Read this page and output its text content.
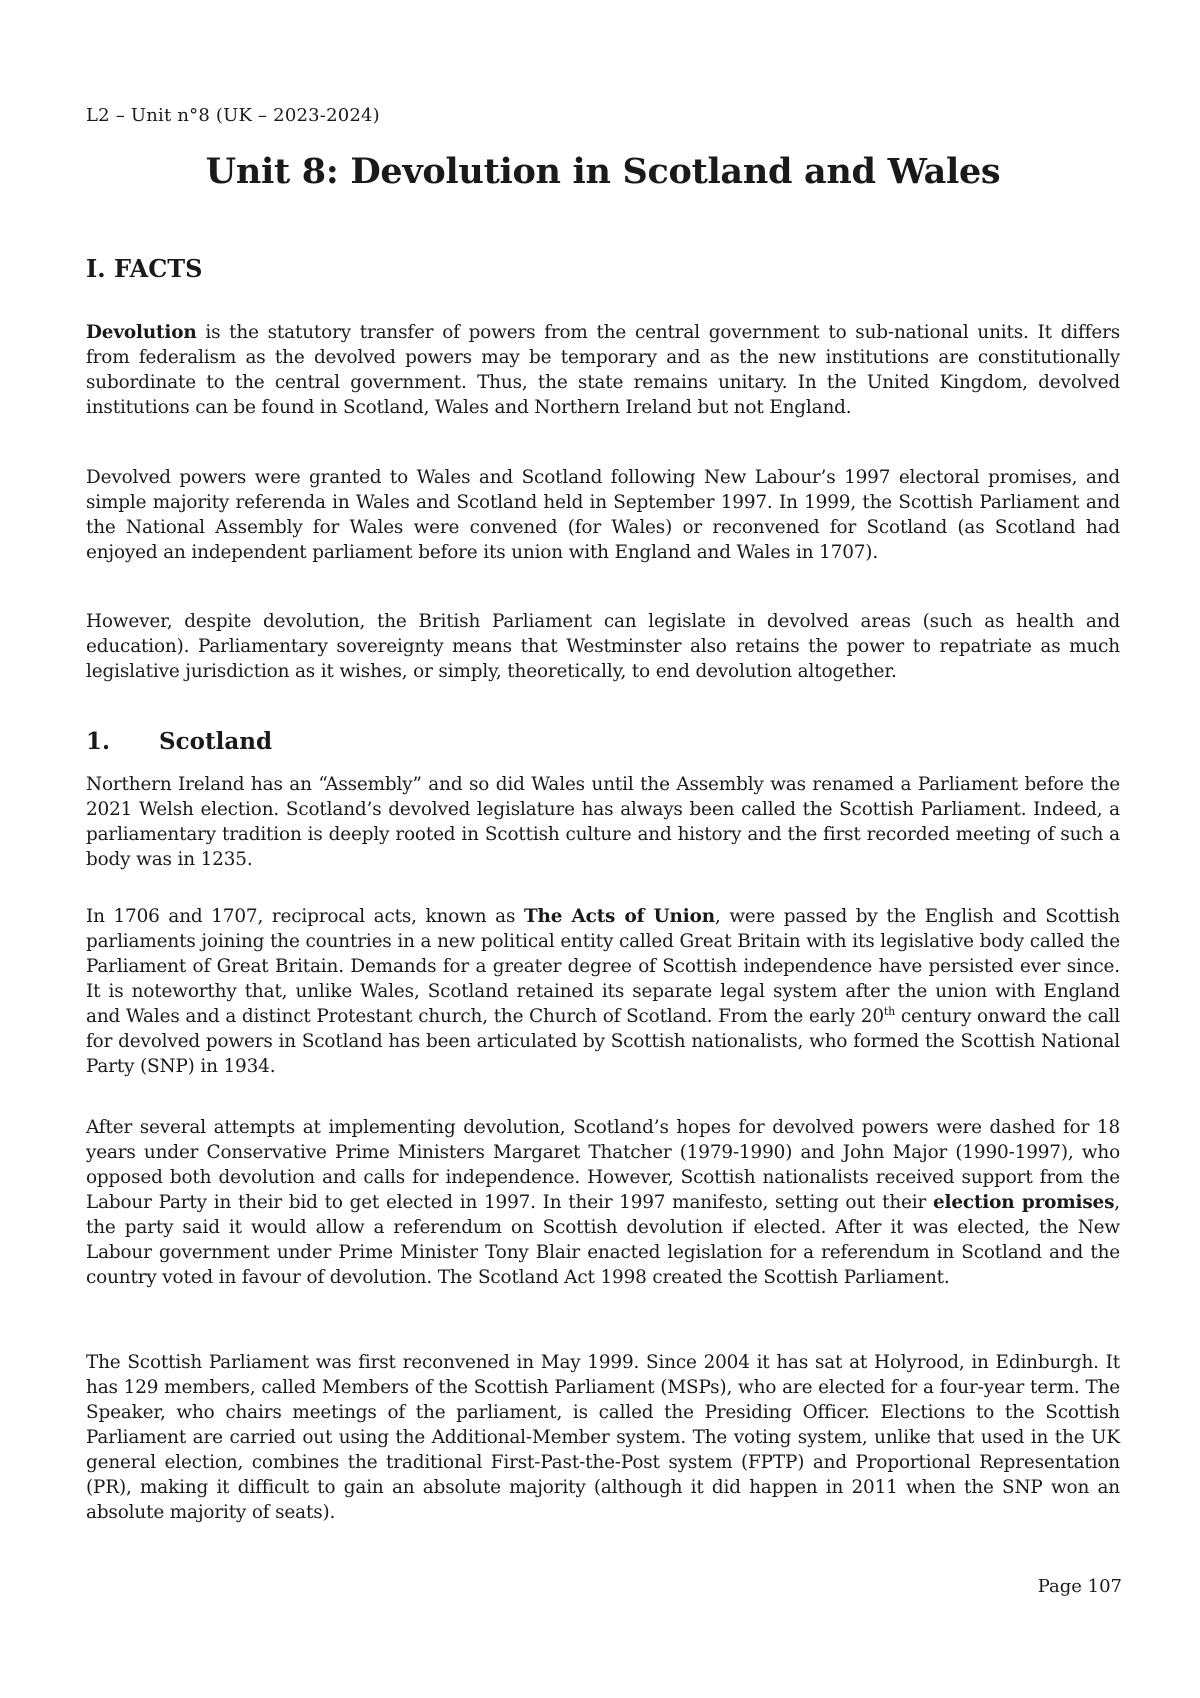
L2 – Unit n°8 (UK – 2023-2024)
Unit 8: Devolution in Scotland and Wales
I. FACTS

Devolution is the statutory transfer of powers from the central government to sub-national units. It differs from federalism as the devolved powers may be temporary and as the new institutions are constitutionally subordinate to the central government. Thus, the state remains unitary. In the United Kingdom, devolved institutions can be found in Scotland, Wales and Northern Ireland but not England.

Devolved powers were granted to Wales and Scotland following New Labour’s 1997 electoral promises, and simple majority referenda in Wales and Scotland held in September 1997. In 1999, the Scottish Parliament and the National Assembly for Wales were convened (for Wales) or reconvened for Scotland (as Scotland had enjoyed an independent parliament before its union with England and Wales in 1707).

However, despite devolution, the British Parliament can legislate in devolved areas (such as health and education). Parliamentary sovereignty means that Westminster also retains the power to repatriate as much legislative jurisdiction as it wishes, or simply, theoretically, to end devolution altogether.

1. Scotland

Northern Ireland has an “Assembly” and so did Wales until the Assembly was renamed a Parliament before the 2021 Welsh election. Scotland’s devolved legislature has always been called the Scottish Parliament. Indeed, a parliamentary tradition is deeply rooted in Scottish culture and history and the first recorded meeting of such a body was in 1235.

In 1706 and 1707, reciprocal acts, known as The Acts of Union, were passed by the English and Scottish parliaments joining the countries in a new political entity called Great Britain with its legislative body called the Parliament of Great Britain. Demands for a greater degree of Scottish independence have persisted ever since. It is noteworthy that, unlike Wales, Scotland retained its separate legal system after the union with England and Wales and a distinct Protestant church, the Church of Scotland. From the early 20th century onward the call for devolved powers in Scotland has been articulated by Scottish nationalists, who formed the Scottish National Party (SNP) in 1934.

After several attempts at implementing devolution, Scotland’s hopes for devolved powers were dashed for 18 years under Conservative Prime Ministers Margaret Thatcher (1979-1990) and John Major (1990-1997), who opposed both devolution and calls for independence. However, Scottish nationalists received support from the Labour Party in their bid to get elected in 1997. In their 1997 manifesto, setting out their election promises, the party said it would allow a referendum on Scottish devolution if elected. After it was elected, the New Labour government under Prime Minister Tony Blair enacted legislation for a referendum in Scotland and the country voted in favour of devolution. The Scotland Act 1998 created the Scottish Parliament.

The Scottish Parliament was first reconvened in May 1999. Since 2004 it has sat at Holyrood, in Edinburgh. It has 129 members, called Members of the Scottish Parliament (MSPs), who are elected for a four-year term. The Speaker, who chairs meetings of the parliament, is called the Presiding Officer. Elections to the Scottish Parliament are carried out using the Additional-Member system. The voting system, unlike that used in the UK general election, combines the traditional First-Past-the-Post system (FPTP) and Proportional Representation (PR), making it difficult to gain an absolute majority (although it did happen in 2011 when the SNP won an absolute majority of seats).

Page 107
